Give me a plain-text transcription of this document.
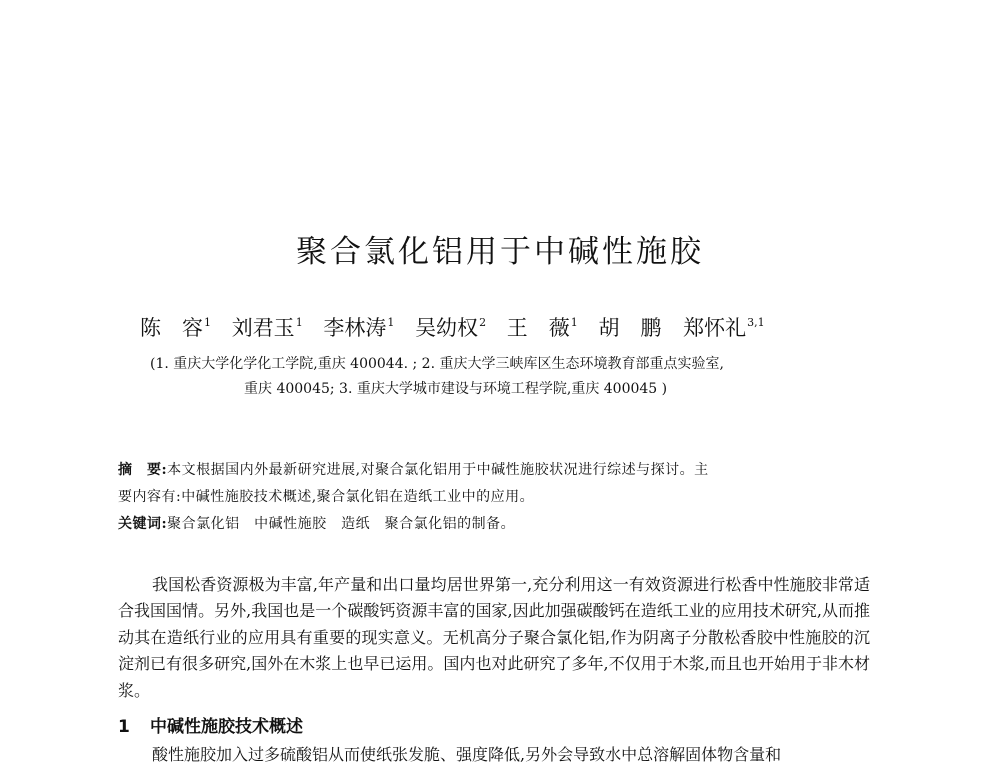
聚合氯化铝用于中碱性施胶
陈　容$^1$ 刘君玉$^1$ 李林涛$^1$ 吴幼权$^2$ 王　薇$^1$ 胡　鹏 郑怀礼$^{3,1}$
(1. 重庆大学化学化工学院,重庆 400044. ; 2. 重庆大学三峡库区生态环境教育部重点实验室,
重庆 400045; 3. 重庆大学城市建设与环境工程学院,重庆 400045 )
摘　要:本文根据国内外最新研究进展,对聚合氯化铝用于中碱性施胶状况进行综述与探讨。主
要内容有:中碱性施胶技术概述,聚合氯化铝在造纸工业中的应用。
关键词:聚合氯化铝　中碱性施胶　造纸　聚合氯化铝的制备。
我国松香资源极为丰富,年产量和出口量均居世界第一,充分利用这一有效资源进行松香中性施胶非常适合我国国情。另外,我国也是一个碳酸钙资源丰富的国家,因此加强碳酸钙在造纸工业的应用技术研究,从而推动其在造纸行业的应用具有重要的现实意义。无机高分子聚合氯化铝,作为阴离子分散松香胶中性施胶的沉淀剂已有很多研究,国外在木浆上也早已运用。国内也对此研究了多年,不仅用于木浆,而且也开始用于非木材浆。
1 中碱性施胶技术概述
酸性施胶加入过多硫酸铝从而使纸张发脆、强度降低,另外会导致水中总溶解固体物含量和
